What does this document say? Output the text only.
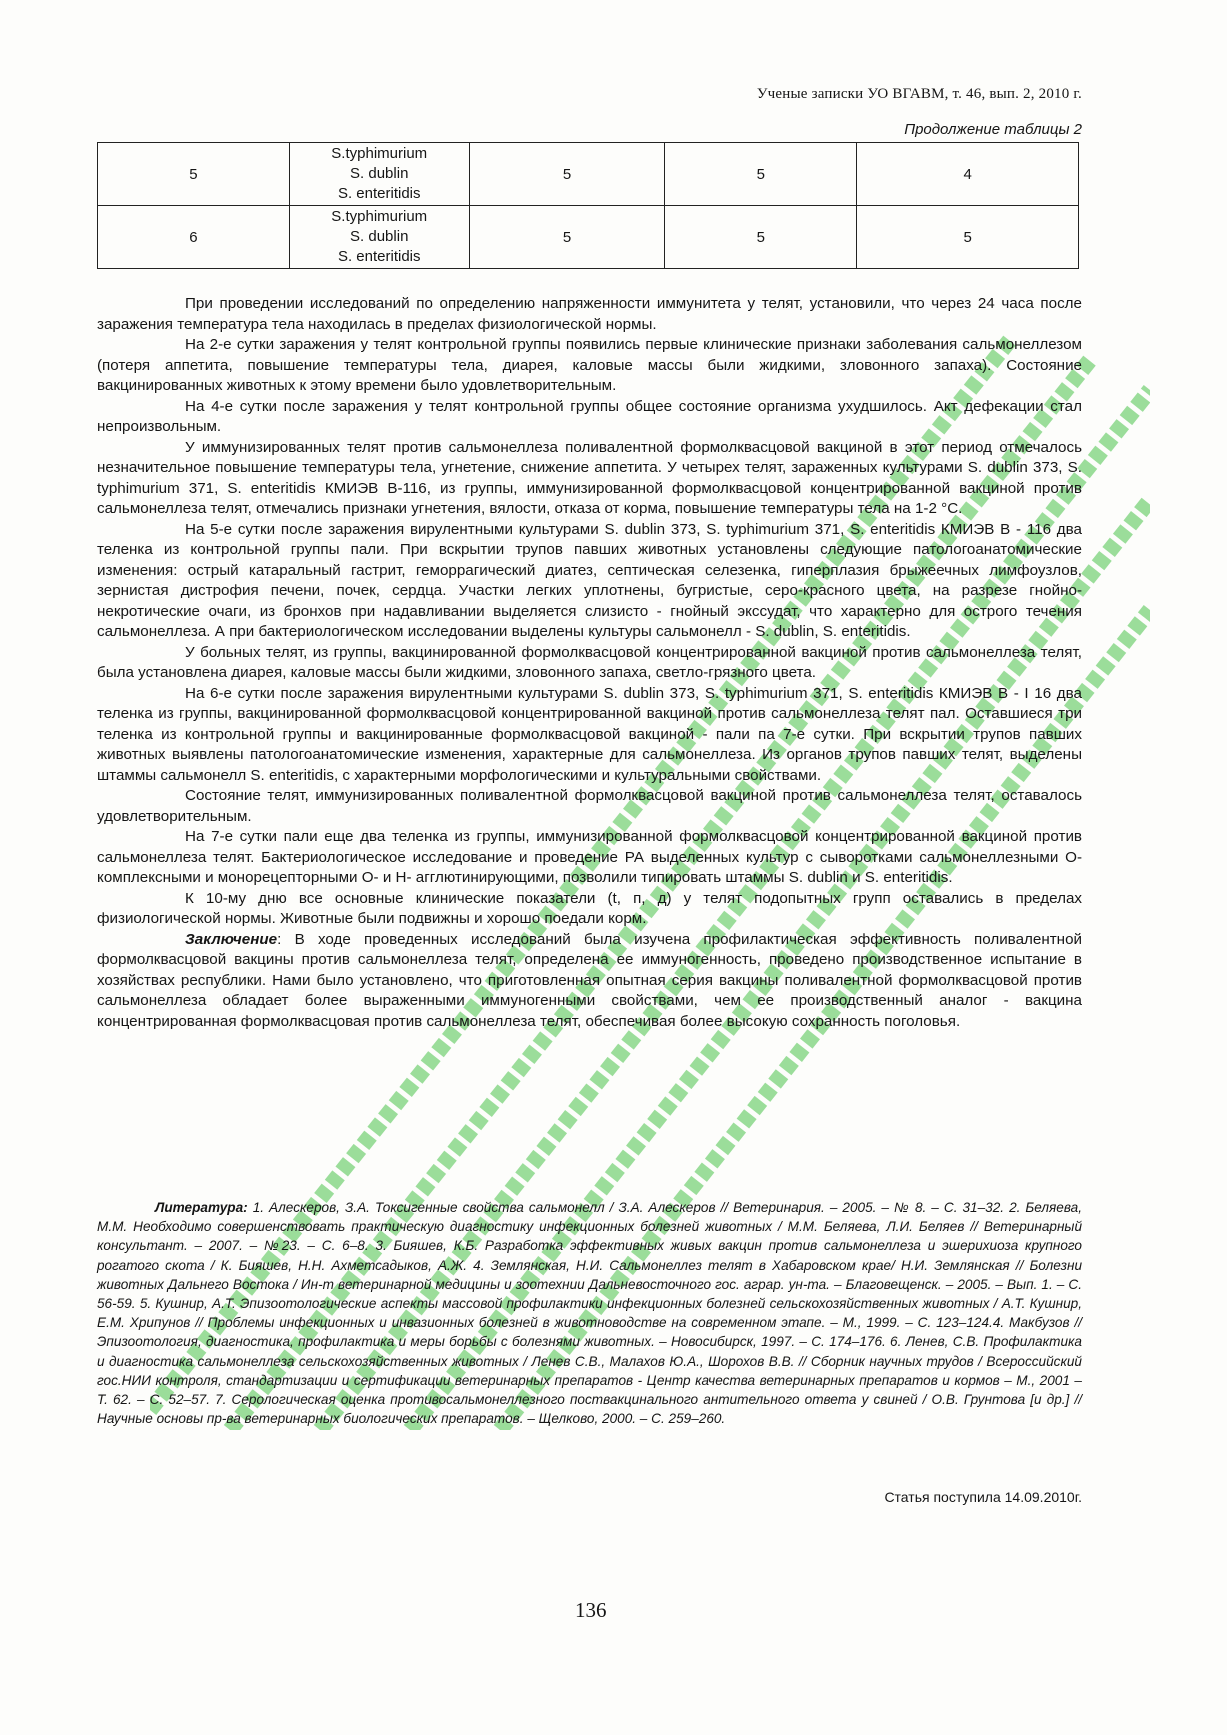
Ученые записки УО ВГАВМ, т. 46, вып. 2, 2010 г.
Продолжение таблицы 2
5	S.typhimurium
S. dublin
S. enteritidis	5	5	4
6	S.typhimurium
S. dublin
S. enteritidis	5	5	5

При проведении исследований по определению напряженности иммунитета у телят, установили, что через 24 часа после заражения температура тела находилась в пределах физиологической нормы.

На 2-е сутки заражения у телят контрольной группы появились первые клинические признаки заболевания сальмонеллезом (потеря аппетита, повышение температуры тела, диарея, каловые массы были жидкими, зловонного запаха). Состояние вакцинированных животных к этому времени было удовлетворительным.

На 4-е сутки после заражения у телят контрольной группы общее состояние организма ухудшилось. Акт дефекации стал непроизвольным.

У иммунизированных телят против сальмонеллеза поливалентной формолквасцовой вакциной в этот период отмечалось незначительное повышение температуры тела, угнетение, снижение аппетита. У четырех телят, зараженных культурами S. dublin 373, S. typhimurium 371, S. enteritidis КМИЭВ В-116, из группы, иммунизированной формолквасцовой концентрированной вакциной против сальмонеллеза телят, отмечались признаки угнетения, вялости, отказа от корма, повышение температуры тела на 1-2 °С.

На 5-е сутки после заражения вирулентными культурами S. dublin 373, S. typhimurium 371, S. enteritidis КМИЭВ В - 116 два теленка из контрольной группы пали. При вскрытии трупов павших животных установлены следующие патологоанатомические изменения: острый катаральный гастрит, геморрагический диатез, септическая селезенка, гиперплазия брыжеечных лимфоузлов, зернистая дистрофия печени, почек, сердца. Участки легких уплотнены, бугристые, серо-красного цвета, на разрезе гнойно-некротические очаги, из бронхов при надавливании выделяется слизисто - гнойный экссудат, что характерно для острого течения сальмонеллеза. А при бактериологическом исследовании выделены культуры сальмонелл - S. dublin, S. enteritidis.

У больных телят, из группы, вакцинированной формолквасцовой концентрированной вакциной против сальмонеллеза телят, была установлена диарея, каловые массы были жидкими, зловонного запаха, светло-грязного цвета.

На 6-е сутки после заражения вирулентными культурами S. dublin 373, S. typhimurium 371, S. enteritidis КМИЭВ В - I 16 два теленка из группы, вакцинированной формолквасцовой концентрированной вакциной против сальмонеллеза телят пал. Оставшиеся три теленка из контрольной группы и вакцинированные формолквасцовой вакциной - пали па 7-е сутки. При вскрытии трупов павших животных выявлены патологоанатомические изменения, характерные для сальмонеллеза. Из органов трупов павших телят, выделены штаммы сальмонелл S. enteritidis, с характерными морфологическими и культуральными свойствами.

Состояние телят, иммунизированных поливалентной формолквасцовой вакциной против сальмонеллеза телят, оставалось удовлетворительным.

На 7-е сутки пали еще два теленка из группы, иммунизированной формолквасцовой концентрированной вакциной против сальмонеллеза телят. Бактериологическое исследование и проведение РА выделенных культур с сыворотками сальмонеллезными О-комплексными и монорецепторными О- и Н- агглютинирующими, позволили типировать штаммы S. dublin и S. enteritidis.

К 10-му дню все основные клинические показатели (t, п, д) у телят подопытных групп оставались в пределах физиологической нормы. Животные были подвижны и хорошо поедали корм.

Заключение: В ходе проведенных исследований была изучена профилактическая эффективность поливалентной формолквасцовой вакцины против сальмонеллеза телят, определена ее иммуногенность, проведено производственное испытание в хозяйствах республики. Нами было установлено, что приготовленная опытная серия вакцины поливалентной формолквасцовой против сальмонеллеза обладает более выраженными иммуногенными свойствами, чем ее производственный аналог - вакцина концентрированная формолквасцовая против сальмонеллеза телят, обеспечивая более высокую сохранность поголовья.

Литература: 1. Алескеров, З.А. Токсигенные свойства сальмонелл / З.А. Алескеров // Ветеринария. – 2005. – № 8. – С. 31–32. 2. Беляева, М.М. Необходимо совершенствовать практическую диагностику инфекционных болезней животных / М.М. Беляева, Л.И. Беляев // Ветеринарный консультант. – 2007. – №23. – С. 6–8. 3. Бияшев, К.Б. Разработка эффективных живых вакцин против сальмонеллеза и эшерихиоза крупного рогатого скота / К. Бияшев, Н.Н. Ахметсадыков, А.Ж. 4. Землянская, Н.И. Сальмонеллез телят в Хабаровском крае/ Н.И. Землянская // Болезни животных Дальнего Востока / Ин-т ветеринарной медицины и зоотехнии Дальневосточного гос. аграр. ун-та. – Благовещенск. – 2005. – Вып. 1. – С. 56-59. 5. Кушнир, А.Т. Эпизоотологические аспекты массовой профилактики инфекционных болезней сельскохозяйственных животных / А.Т. Кушнир, Е.М. Хрипунов // Проблемы инфекционных и инвазионных болезней в животноводстве на современном этапе. – М., 1999. – С. 123–124.4. Макбузов // Эпизоотология, диагностика, профилактика и меры борьбы с болезнями животных. – Новосибирск, 1997. – С. 174–176. 6. Ленев, С.В. Профилактика и диагностика сальмонеллеза сельскохозяйственных животных / Ленев С.В., Малахов Ю.А., Шорохов В.В. // Сборник научных трудов / Всероссийский гос.НИИ контроля, стандартизации и сертификации ветеринарных препаратов - Центр качества ветеринарных препаратов и кормов – М., 2001 – Т. 62. – С. 52–57. 7. Серологическая оценка противосальмонеллезного поствакцинального антительного ответа у свиней / О.В. Грунтова [и др.] // Научные основы пр-ва ветеринарных биологических препаратов. – Щелково, 2000. – С. 259–260.

Статья поступила 14.09.2010г.
136
